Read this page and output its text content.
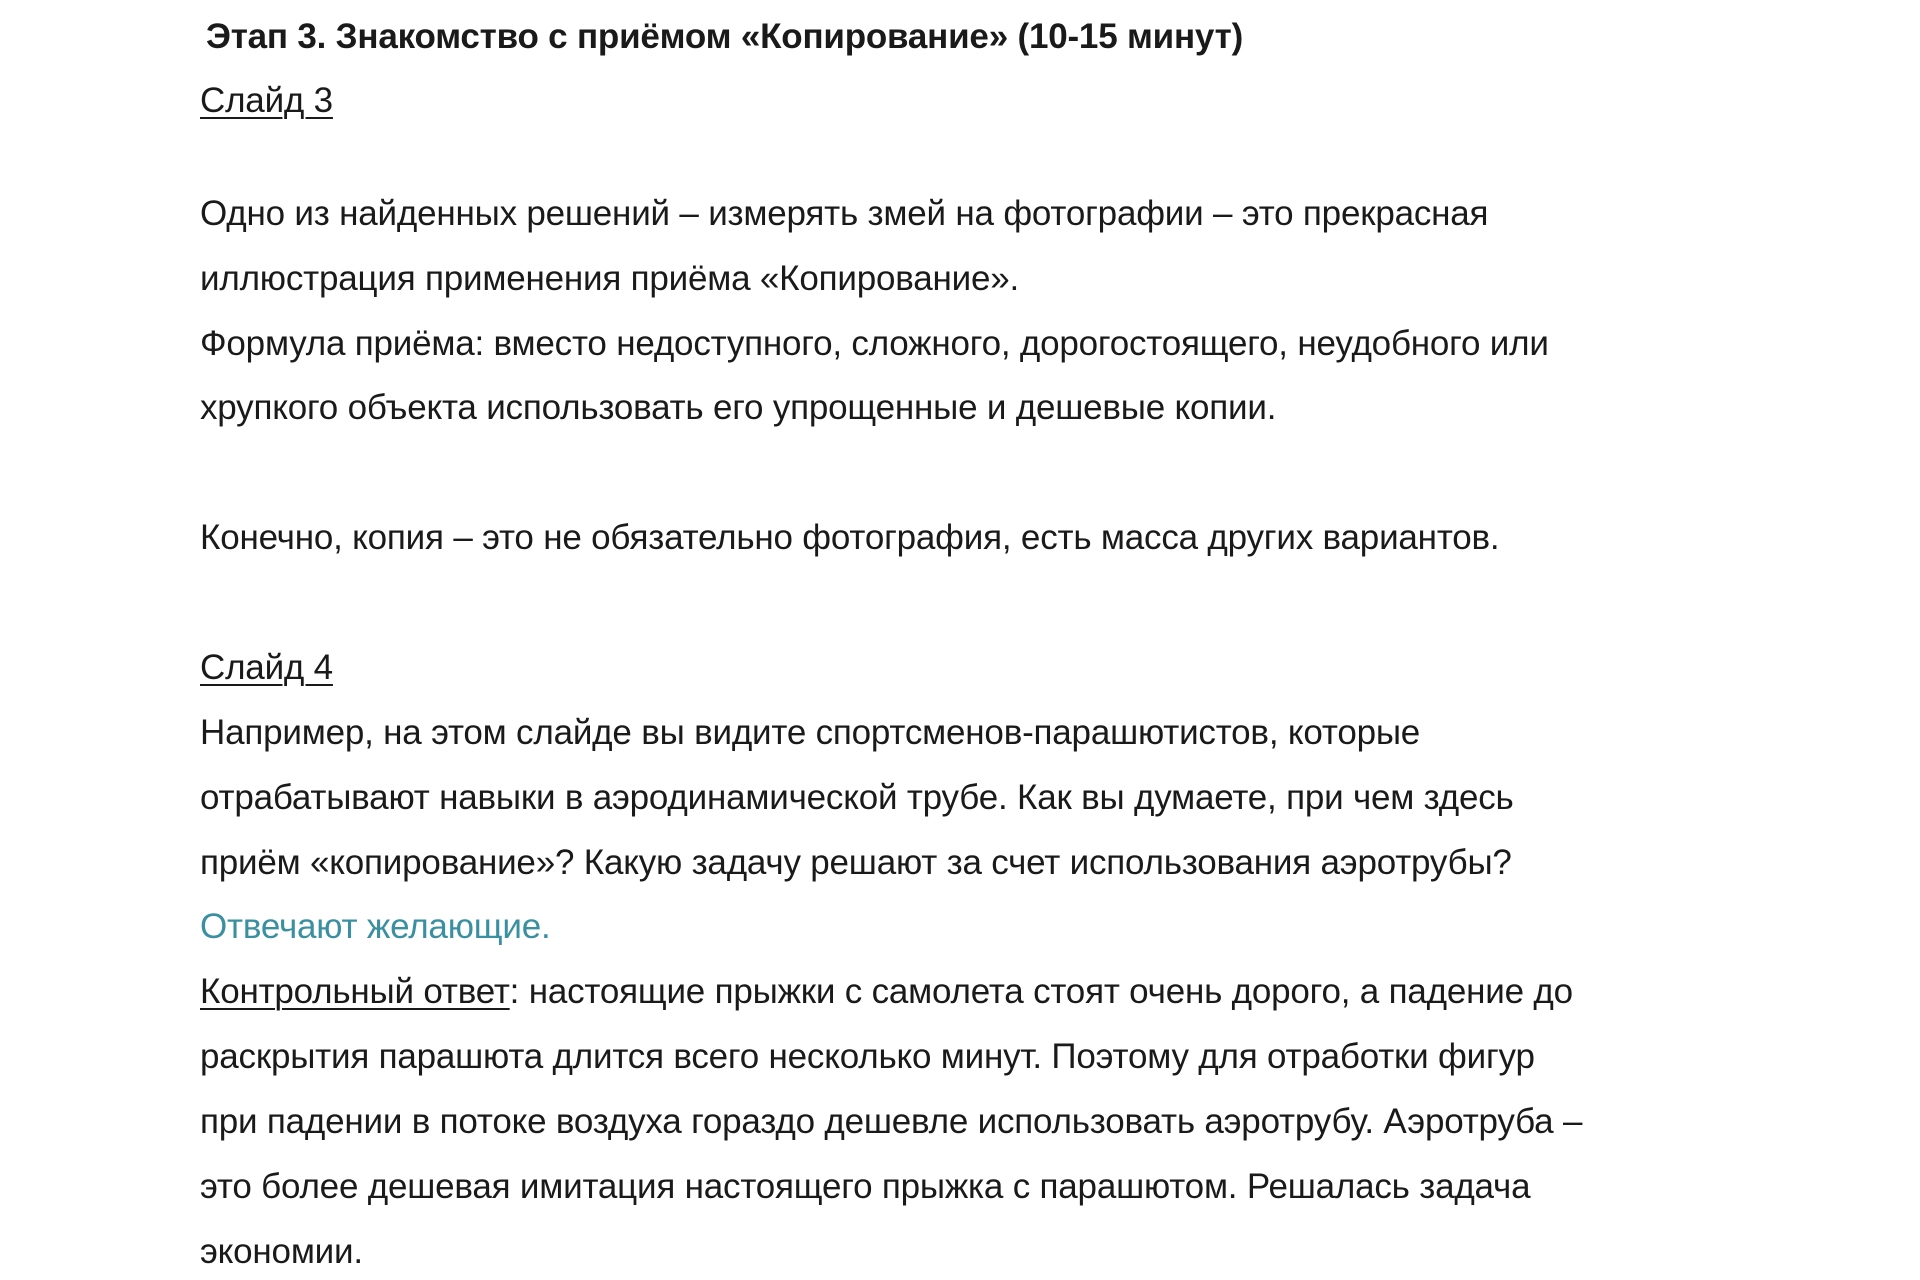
Этап 3. Знакомство с приёмом «Копирование» (10-15 минут)
Слайд 3
Одно из найденных решений – измерять змей на фотографии – это прекрасная
иллюстрация применения приёма «Копирование».
Формула приёма: вместо недоступного, сложного, дорогостоящего, неудобного или
хрупкого объекта использовать его упрощенные и дешевые копии.
Конечно, копия – это не обязательно фотография, есть масса других вариантов.
Слайд 4
Например, на этом слайде вы видите спортсменов-парашютистов, которые
отрабатывают навыки в аэродинамической трубе. Как вы думаете, при чем здесь
приём «копирование»? Какую задачу решают за счет использования аэротрубы?
Отвечают желающие.
Контрольный ответ: настоящие прыжки с самолета стоят очень дорого, а падение до
раскрытия парашюта длится всего несколько минут. Поэтому для отработки фигур
при падении в потоке воздуха гораздо дешевле использовать аэротрубу. Аэротруба –
это более дешевая имитация настоящего прыжка с парашютом. Решалась задача
экономии.
